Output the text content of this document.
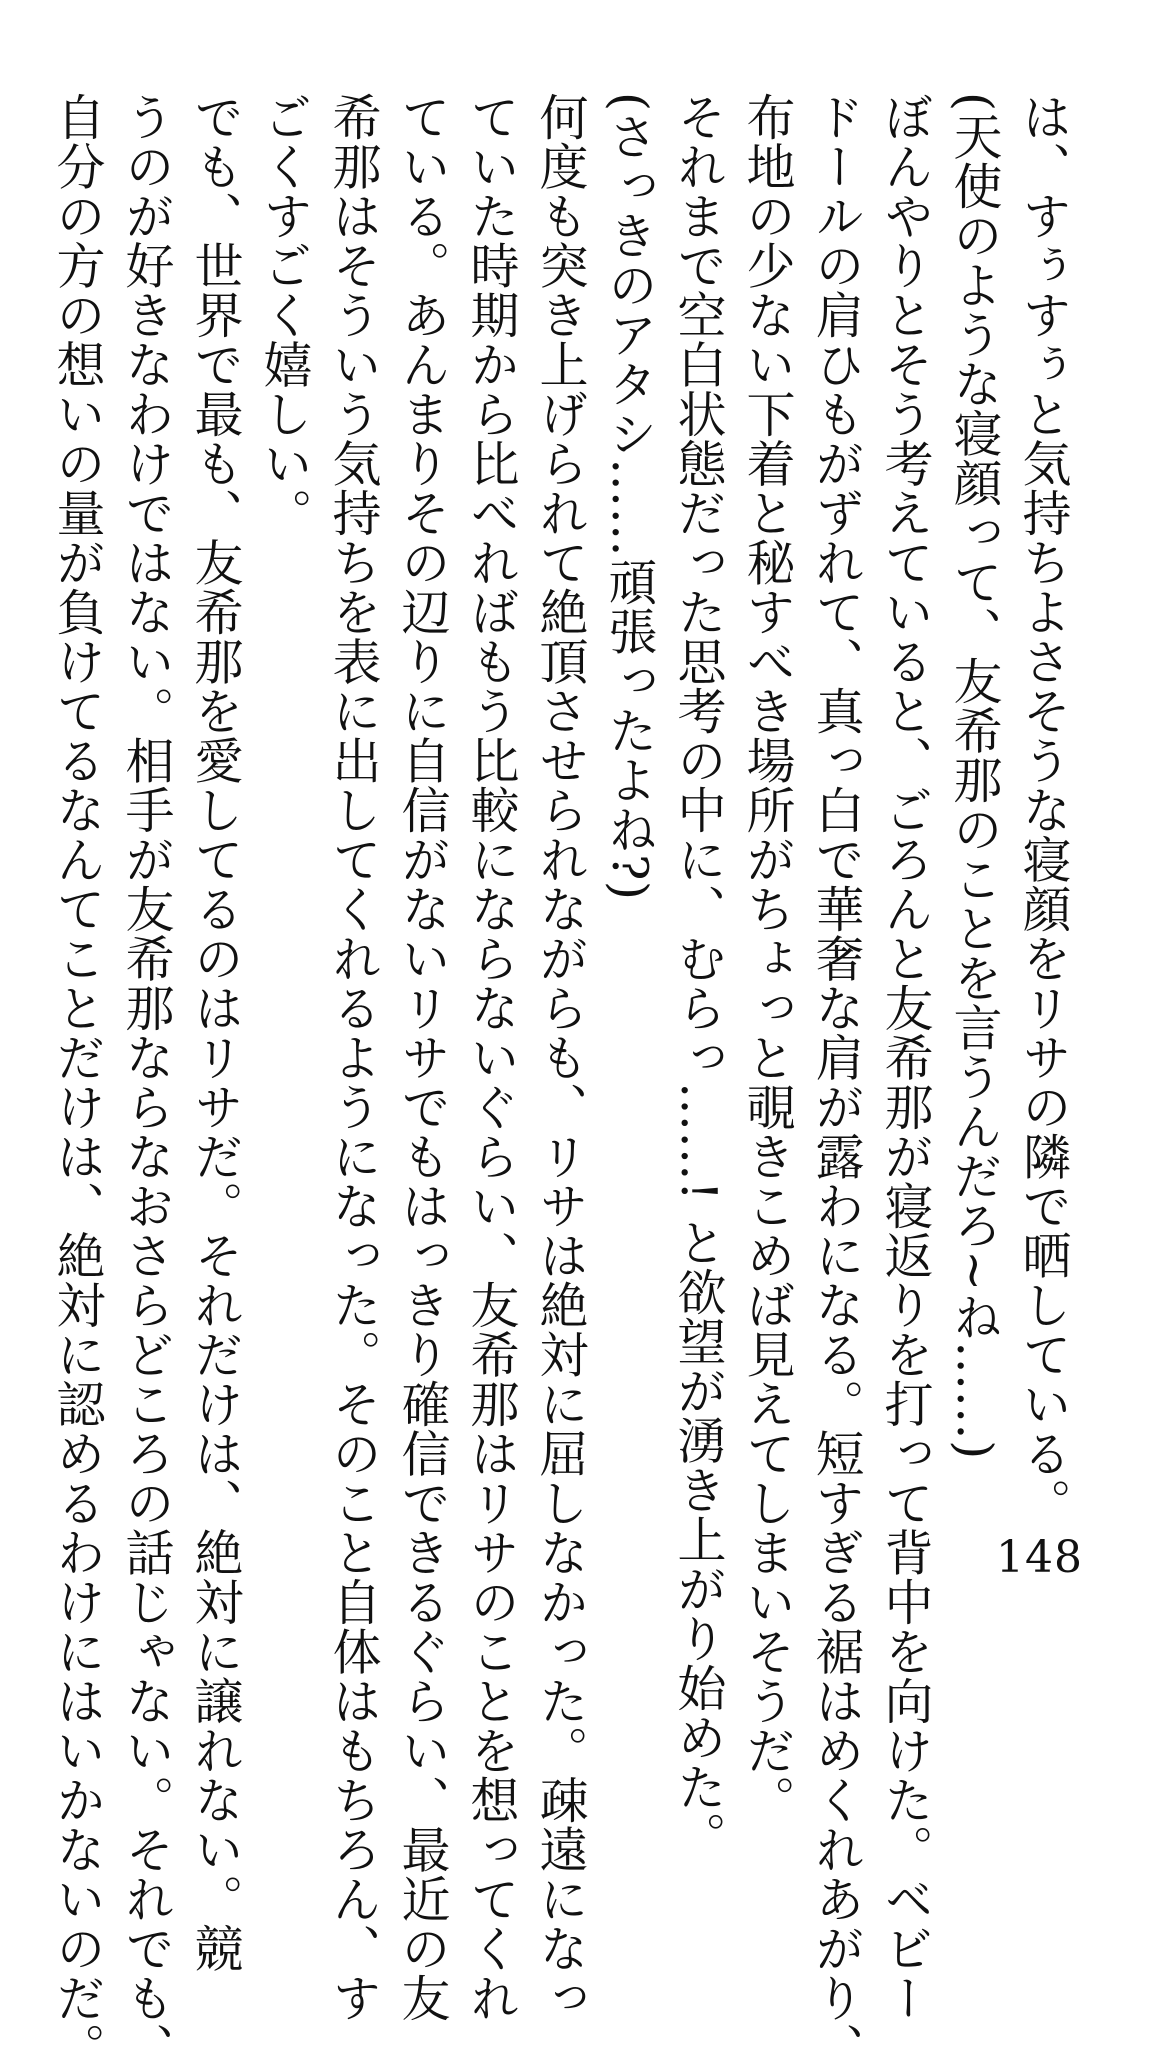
は、すぅすぅと気持ちよさそうな寝顔をリサの隣で晒している。
(天使のような寝顔って、友希那のことを言うんだろ~ね……)
ぼんやりとそう考えていると、ごろんと友希那が寝返りを打って背中を向けた。ベビー
ドールの肩ひもがずれて、真っ白で華奢な肩が露わになる。短すぎる裾はめくれあがり、
布地の少ない下着と秘すべき場所がちょっと覗きこめば見えてしまいそうだ。
それまで空白状態だった思考の中に、むらっ……! と欲望が湧き上がり始めた。
(さっきのアタシ……頑張ったよね?)
何度も突き上げられて絶頂させられながらも、リサは絶対に屈しなかった。疎遠になっ
ていた時期から比べればもう比較にならないぐらい、友希那はリサのことを想ってくれ
ている。あんまりその辺りに自信がないリサでもはっきり確信できるぐらい、最近の友
希那はそういう気持ちを表に出してくれるようになった。そのこと自体はもちろん、す
ごくすごく嬉しい。
でも、世界で最も、友希那を愛してるのはリサだ。それだけは、絶対に譲れない。競
うのが好きなわけではない。相手が友希那ならなおさらどころの話じゃない。それでも、
自分の方の想いの量が負けてるなんてことだけは、絶対に認めるわけにはいかないのだ。	148
